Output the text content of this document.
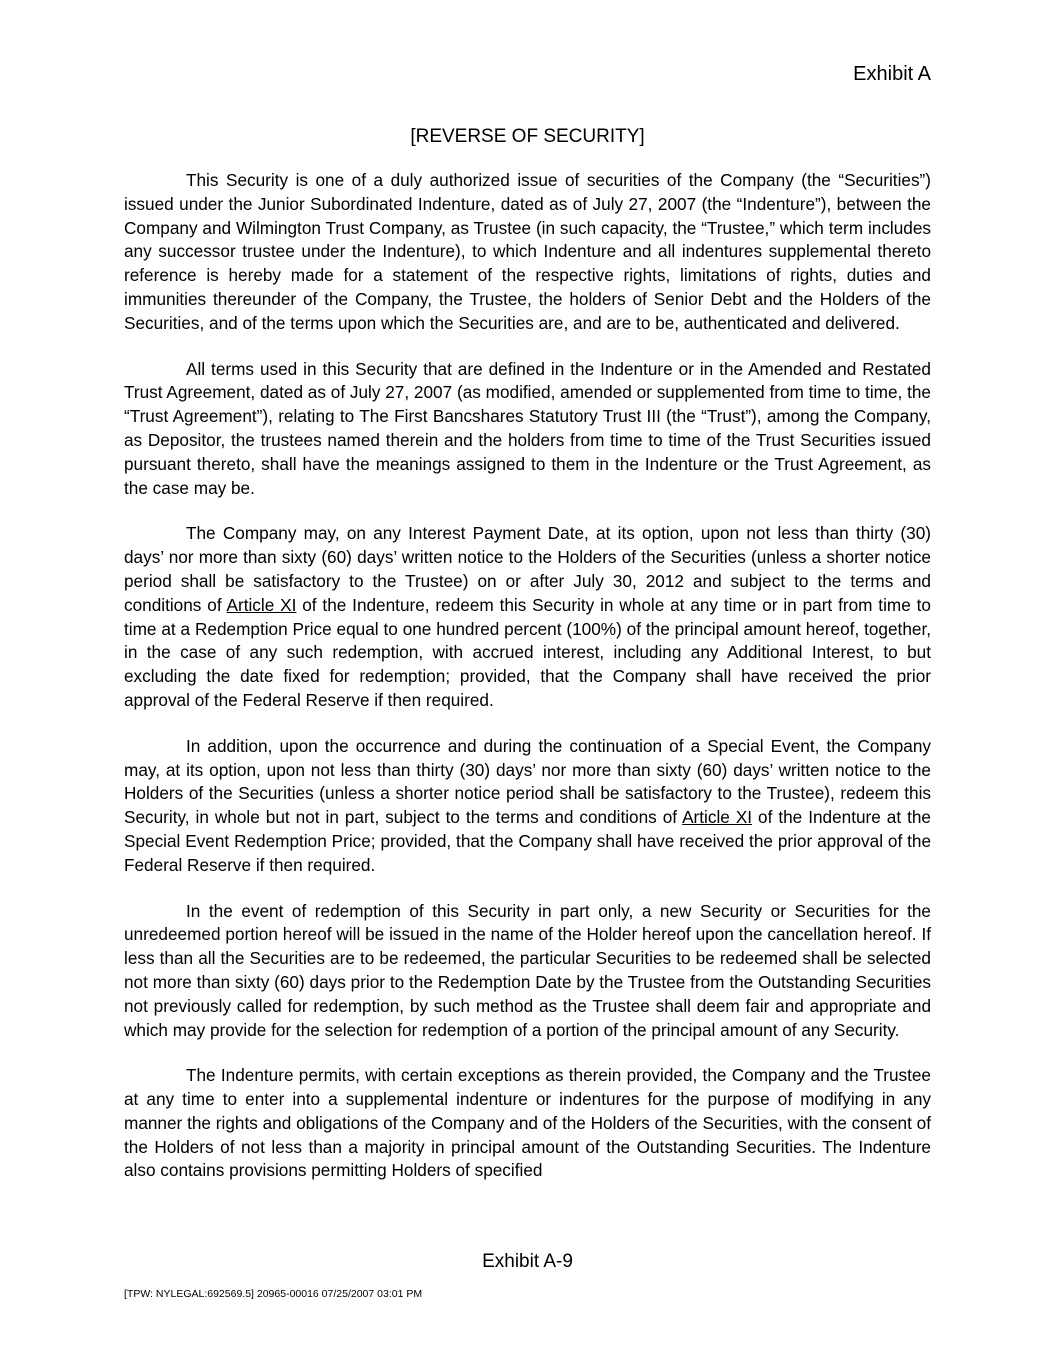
Exhibit A
[REVERSE OF SECURITY]

This Security is one of a duly authorized issue of securities of the Company (the “Securities”) issued under the Junior Subordinated Indenture, dated as of July 27, 2007 (the “Indenture”), between the Company and Wilmington Trust Company, as Trustee (in such capacity, the “Trustee,” which term includes any successor trustee under the Indenture), to which Indenture and all indentures supplemental thereto reference is hereby made for a statement of the respective rights, limitations of rights, duties and immunities thereunder of the Company, the Trustee, the holders of Senior Debt and the Holders of the Securities, and of the terms upon which the Securities are, and are to be, authenticated and delivered.

All terms used in this Security that are defined in the Indenture or in the Amended and Restated Trust Agreement, dated as of July 27, 2007 (as modified, amended or supplemented from time to time, the “Trust Agreement”), relating to The First Bancshares Statutory Trust III (the “Trust”), among the Company, as Depositor, the trustees named therein and the holders from time to time of the Trust Securities issued pursuant thereto, shall have the meanings assigned to them in the Indenture or the Trust Agreement, as the case may be.

The Company may, on any Interest Payment Date, at its option, upon not less than thirty (30) days’ nor more than sixty (60) days’ written notice to the Holders of the Securities (unless a shorter notice period shall be satisfactory to the Trustee) on or after July 30, 2012 and subject to the terms and conditions of Article XI of the Indenture, redeem this Security in whole at any time or in part from time to time at a Redemption Price equal to one hundred percent (100%) of the principal amount hereof, together, in the case of any such redemption, with accrued interest, including any Additional Interest, to but excluding the date fixed for redemption; provided, that the Company shall have received the prior approval of the Federal Reserve if then required.

In addition, upon the occurrence and during the continuation of a Special Event, the Company may, at its option, upon not less than thirty (30) days’ nor more than sixty (60) days’ written notice to the Holders of the Securities (unless a shorter notice period shall be satisfactory to the Trustee), redeem this Security, in whole but not in part, subject to the terms and conditions of Article XI of the Indenture at the Special Event Redemption Price; provided, that the Company shall have received the prior approval of the Federal Reserve if then required.

In the event of redemption of this Security in part only, a new Security or Securities for the unredeemed portion hereof will be issued in the name of the Holder hereof upon the cancellation hereof. If less than all the Securities are to be redeemed, the particular Securities to be redeemed shall be selected not more than sixty (60) days prior to the Redemption Date by the Trustee from the Outstanding Securities not previously called for redemption, by such method as the Trustee shall deem fair and appropriate and which may provide for the selection for redemption of a portion of the principal amount of any Security.

The Indenture permits, with certain exceptions as therein provided, the Company and the Trustee at any time to enter into a supplemental indenture or indentures for the purpose of modifying in any manner the rights and obligations of the Company and of the Holders of the Securities, with the consent of the Holders of not less than a majority in principal amount of the Outstanding Securities. The Indenture also contains provisions permitting Holders of specified

Exhibit A-9
[TPW: NYLEGAL:692569.5] 20965-00016 07/25/2007 03:01 PM
